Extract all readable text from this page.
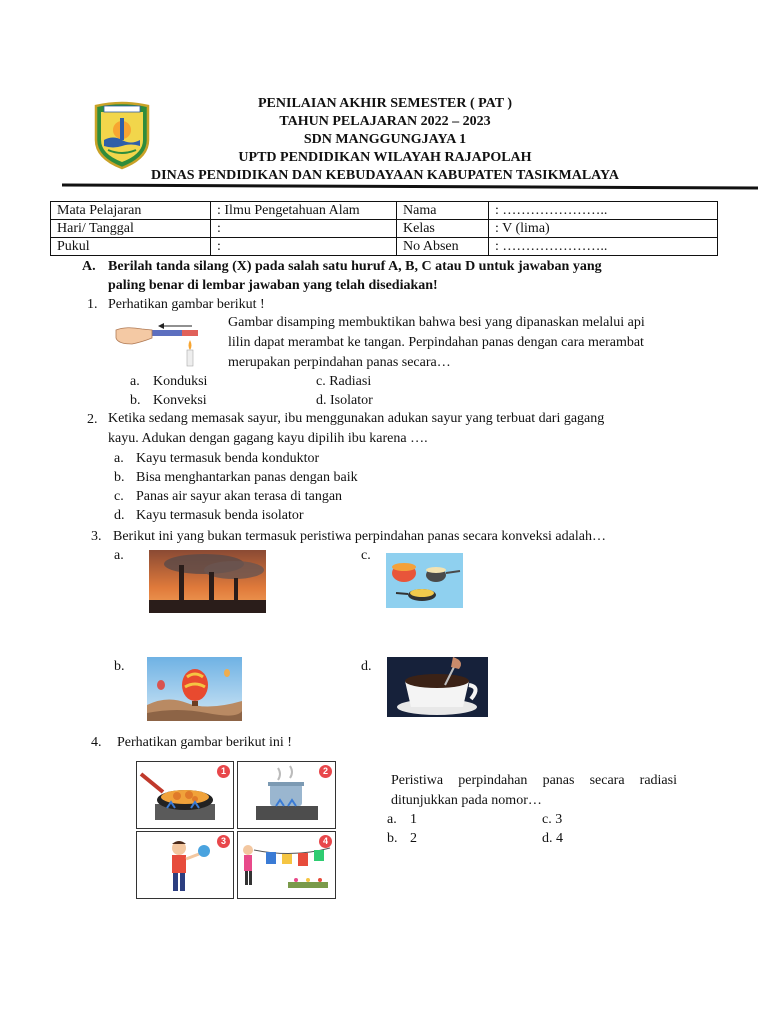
PENILAIAN AKHIR SEMESTER ( PAT )
TAHUN PELAJARAN 2022 – 2023
SDN MANGGUNGJAYA 1
UPTD PENDIDIKAN WILAYAH RAJAPOLAH
DINAS PENDIDIKAN DAN KEBUDAYAAN KABUPATEN TASIKMALAYA
Mata Pelajaran	: Ilmu Pengetahuan Alam	Nama	: …………………..
Hari/ Tanggal	:	Kelas	: V (lima)
Pukul	:	No Absen	: …………………..
A. Berilah tanda silang (X) pada salah satu huruf A, B, C atau D untuk jawaban yang
paling benar di lembar jawaban yang telah disediakan!
1. Perhatikan gambar berikut !
Gambar disamping membuktikan bahwa besi yang dipanaskan melalui api
lilin dapat merambat ke tangan. Perpindahan panas dengan cara merambat
merupakan perpindahan panas secara…
a. Konduksi
b. Konveksi
c. Radiasi
d. Isolator
2. Ketika sedang memasak sayur, ibu menggunakan adukan sayur yang terbuat dari gagang
kayu. Adukan dengan gagang kayu dipilih ibu karena ….
a. Kayu termasuk benda konduktor
b. Bisa menghantarkan panas dengan baik
c. Panas air sayur akan terasa di tangan
d. Kayu termasuk benda isolator
3. Berikut ini yang bukan termasuk peristiwa perpindahan panas secara konveksi adalah…
a.	c.
b.	d.
4. Perhatikan gambar berikut ini !
1	2
3	4
Peristiwa perpindahan panas secara radiasi
ditunjukkan pada nomor…
a. 1
b. 2
c. 3
d. 4
